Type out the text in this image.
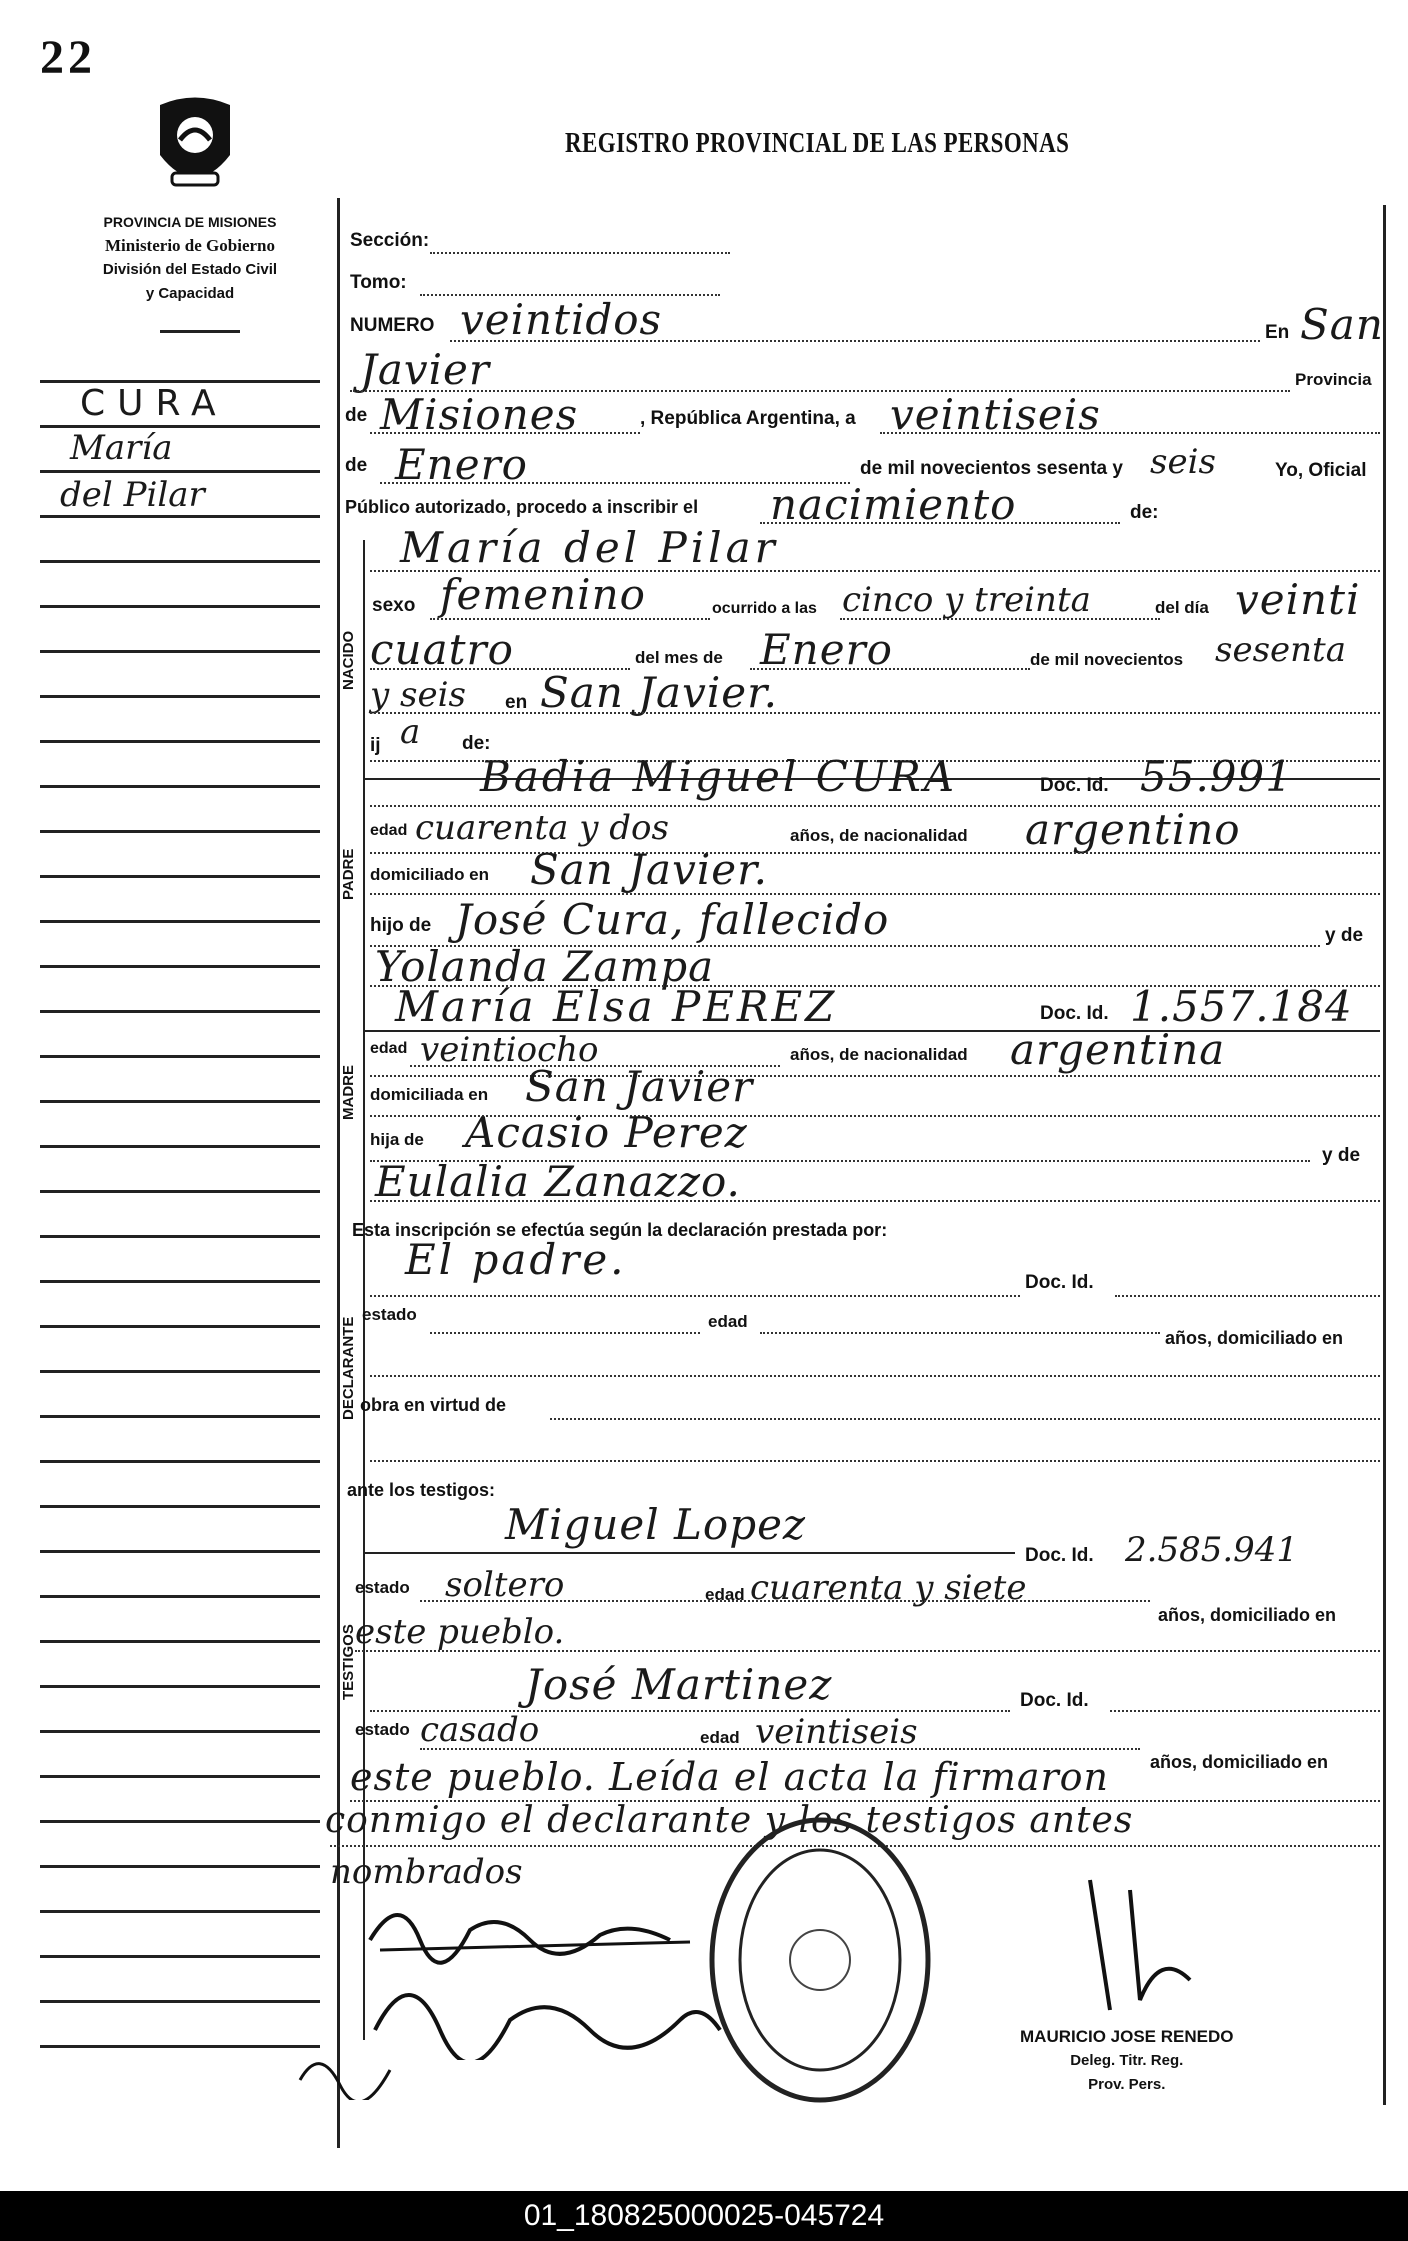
22
PROVINCIA DE MISIONES
Ministerio de Gobierno
División del Estado Civil
y Capacidad
REGISTRO PROVINCIAL DE LAS PERSONAS
CURA
María
del Pilar
NACIDO
PADRE
MADRE
DECLARANTE
TESTIGOS
Sección:
Tomo:
NUMERO veintidos	En San
Javier	Provincia
de Misiones	, República Argentina, a veintiseis
de Enero	de mil novecientos sesenta y seis	Yo, Oficial
Público autorizado, procedo a inscribir el nacimiento	de:
María del Pilar
sexo femenino	ocurrido a las cinco y treinta	del día veinti
cuatro	del mes de Enero	de mil novecientos sesenta
y seis en San Javier.
ij a de:
Badia Miguel CURA	Doc. Id. 55.991
edad cuarenta y dos	años, de nacionalidad argentino
domiciliado en San Javier.
hijo de José Cura, fallecido	y de
Yolanda Zampa
María Elsa PEREZ	Doc. Id. 1.557.184
edad veintiocho	años, de nacionalidad argentina
domiciliada en San Javier
hija de Acasio Perez	y de
Eulalia Zanazzo.
Esta inscripción se efectúa según la declaración prestada por:
El padre.	Doc. Id.
estado	edad
años, domiciliado en
obra en virtud de
ante los testigos:
Miguel Lopez
Doc. Id. 2.585.941
estado soltero	edad cuarenta y siete
años, domiciliado en
este pueblo.
José Martinez	Doc. Id.
estado casado	edad veintiseis
años, domiciliado en
este pueblo. Leída el acta la firmaron
conmigo el declarante y los testigos antes
nombrados
MAURICIO JOSE RENEDO
Deleg. Titr. Reg.
Prov. Pers.
01_180825000025-045724
